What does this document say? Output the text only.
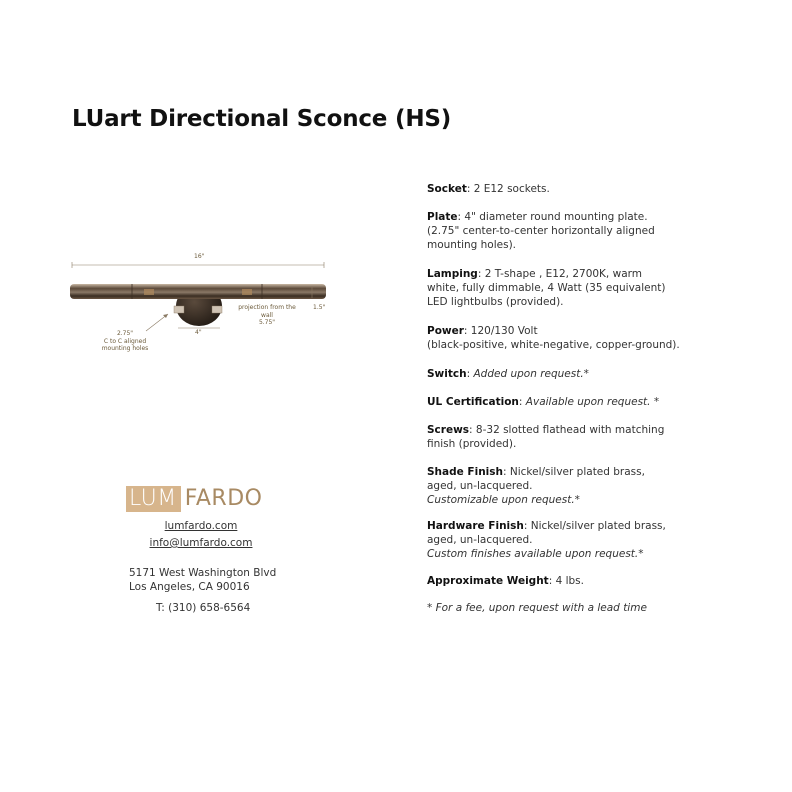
LUart Directional Sconce (HS)
16"
1.5"
projection from the wall
5.75"
4"
2.75"
C to C aligned
mounting holes
LUM FARDO
lumfardo.com
info@lumfardo.com
5171 West Washington Blvd
Los Angeles, CA 90016
T: (310) 658-6564
Socket: 2 E12 sockets.
Plate: 4" diameter round mounting plate.
(2.75" center-to-center horizontally aligned
mounting holes).
Lamping: 2 T-shape , E12, 2700K, warm
white, fully dimmable, 4 Watt (35 equivalent)
LED lightbulbs (provided).
Power: 120/130 Volt
(black-positive, white-negative, copper-ground).
Switch: Added upon request.*
UL Certification: Available upon request. *
Screws: 8-32 slotted flathead with matching
finish (provided).
Shade Finish: Nickel/silver plated brass,
aged, un-lacquered.
Customizable upon request.*
Hardware Finish: Nickel/silver plated brass,
aged, un-lacquered.
Custom finishes available upon request.*
Approximate Weight: 4 lbs.
* For a fee, upon request with a lead time
